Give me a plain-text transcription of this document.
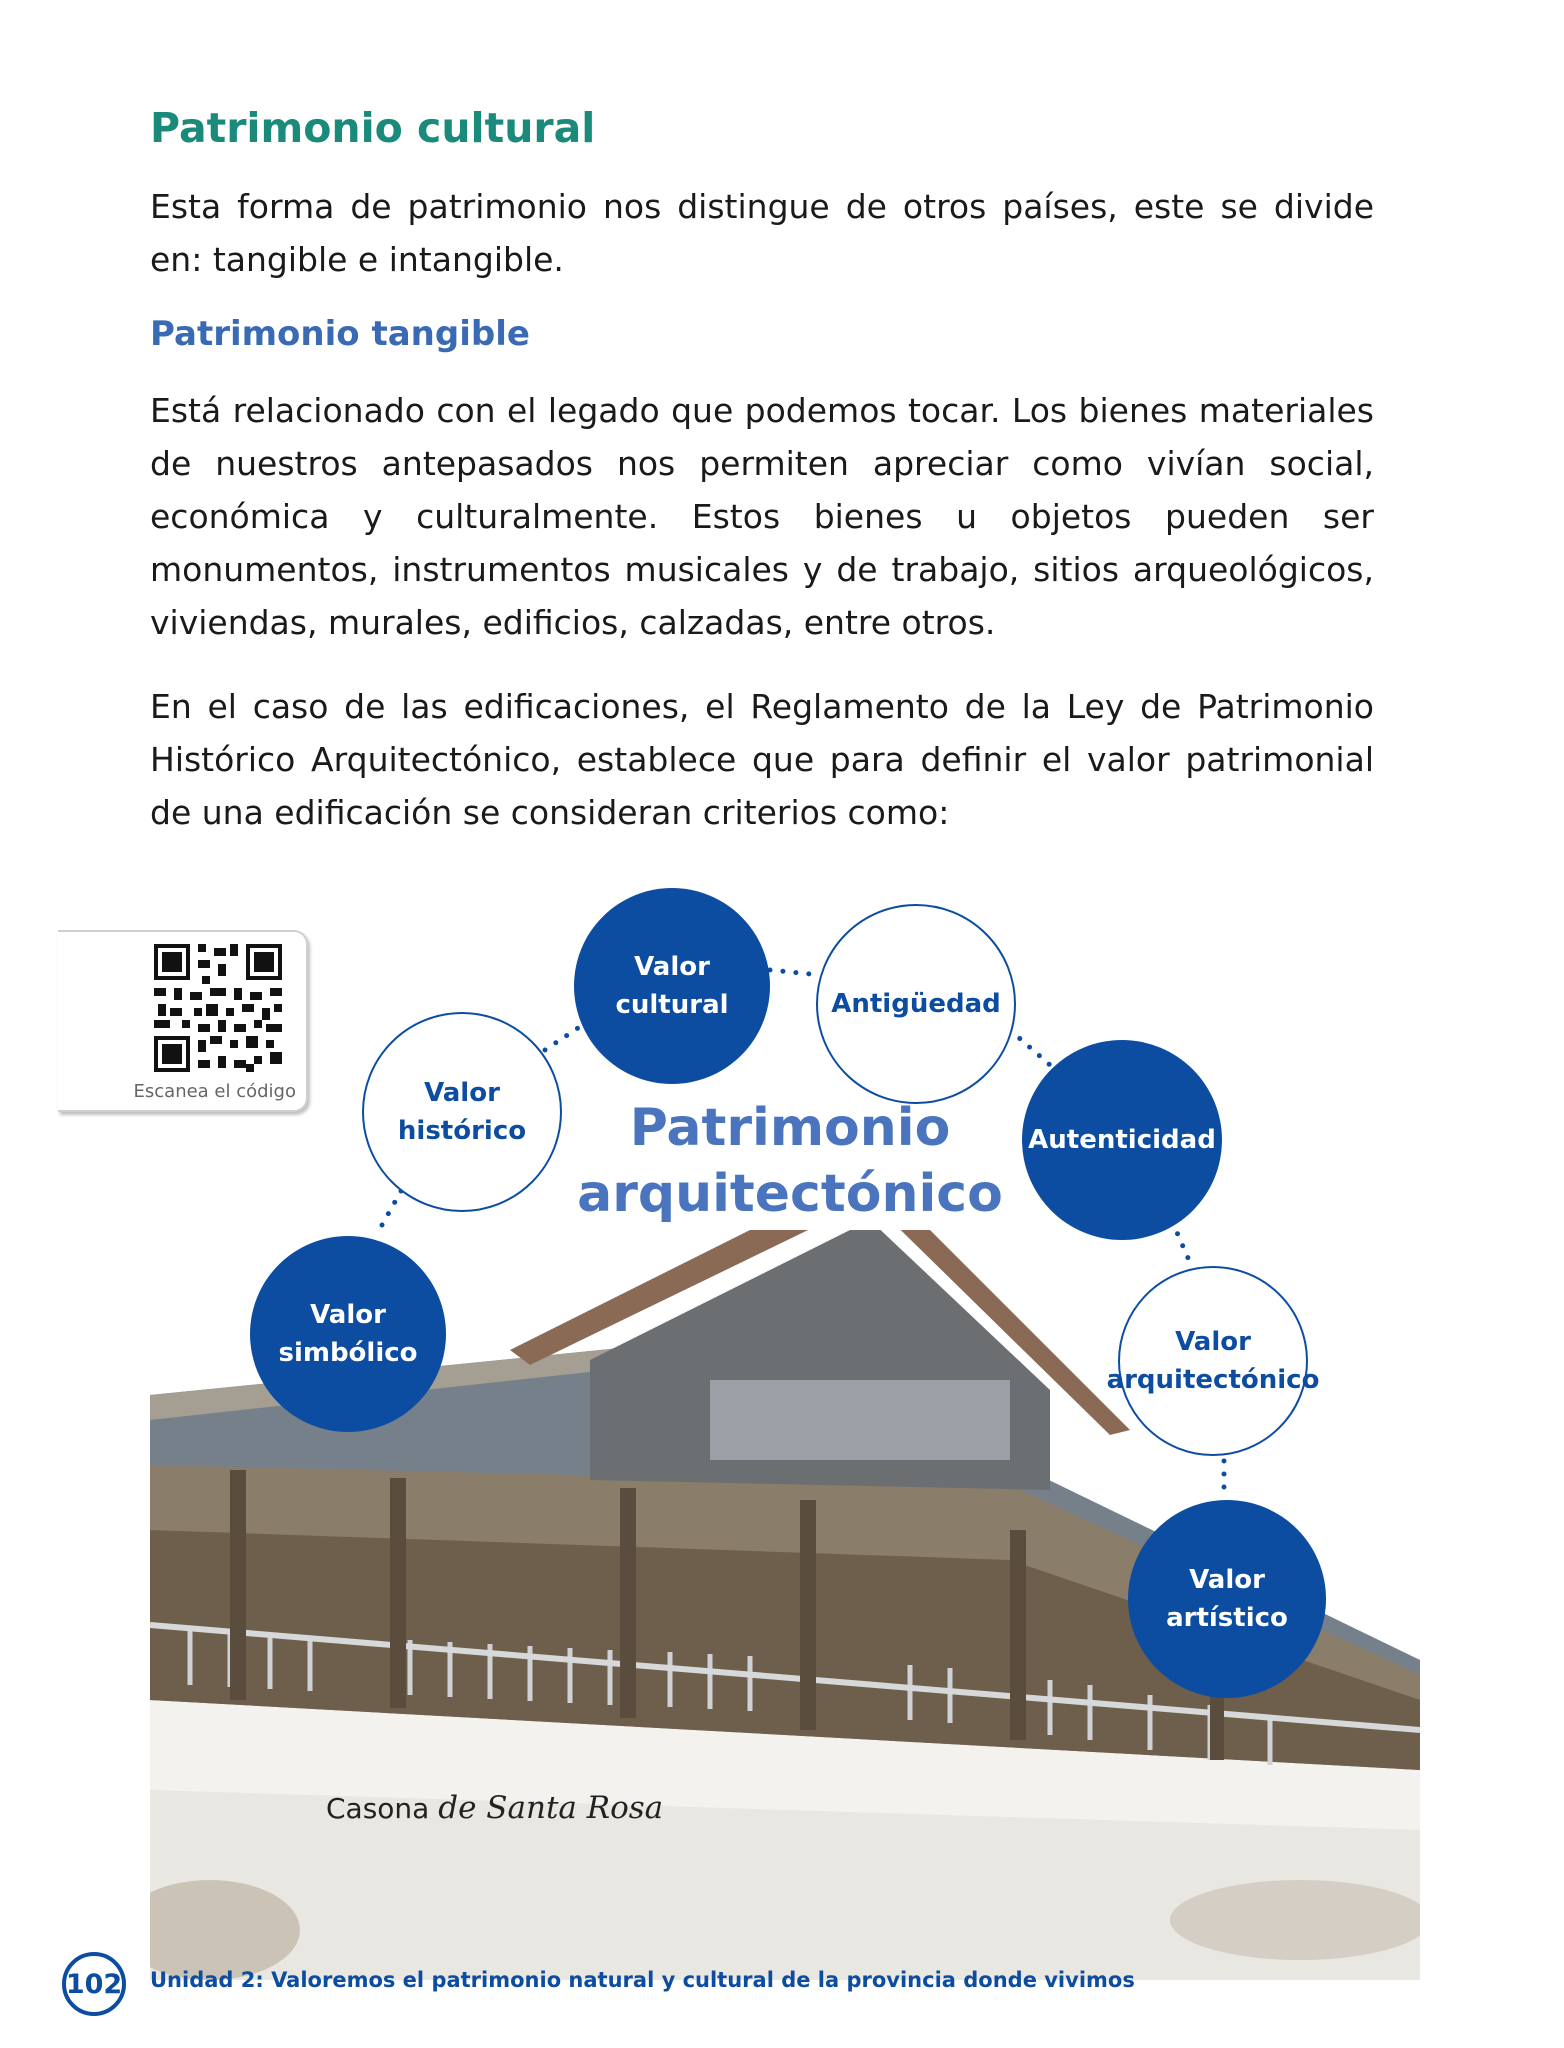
Patrimonio cultural

Esta forma de patrimonio nos distingue de otros países, este se divide en: tangible e intangible.

Patrimonio tangible

Está relacionado con el legado que podemos tocar. Los bienes materiales de nuestros antepasados nos permiten apreciar como vivían social, económica y culturalmente. Estos bienes u objetos pueden ser monumentos, instrumentos musicales y de trabajo, sitios arqueológicos, viviendas, murales, edificios, calzadas, entre otros.

En el caso de las edificaciones, el Reglamento de la Ley de Patrimonio Histórico Arquitectónico, establece que para definir el valor patrimonial de una edificación se consideran criterios como:

Escanea el código
Valor
cultural	Antigüedad
Valor
histórico	Autenticidad
Valor
simbólico	Valor
arquitectónico
Valor
artístico
Patrimonio
arquitectónico
Casona de Santa Rosa
102 Unidad 2: Valoremos el patrimonio natural y cultural de la provincia donde vivimos
